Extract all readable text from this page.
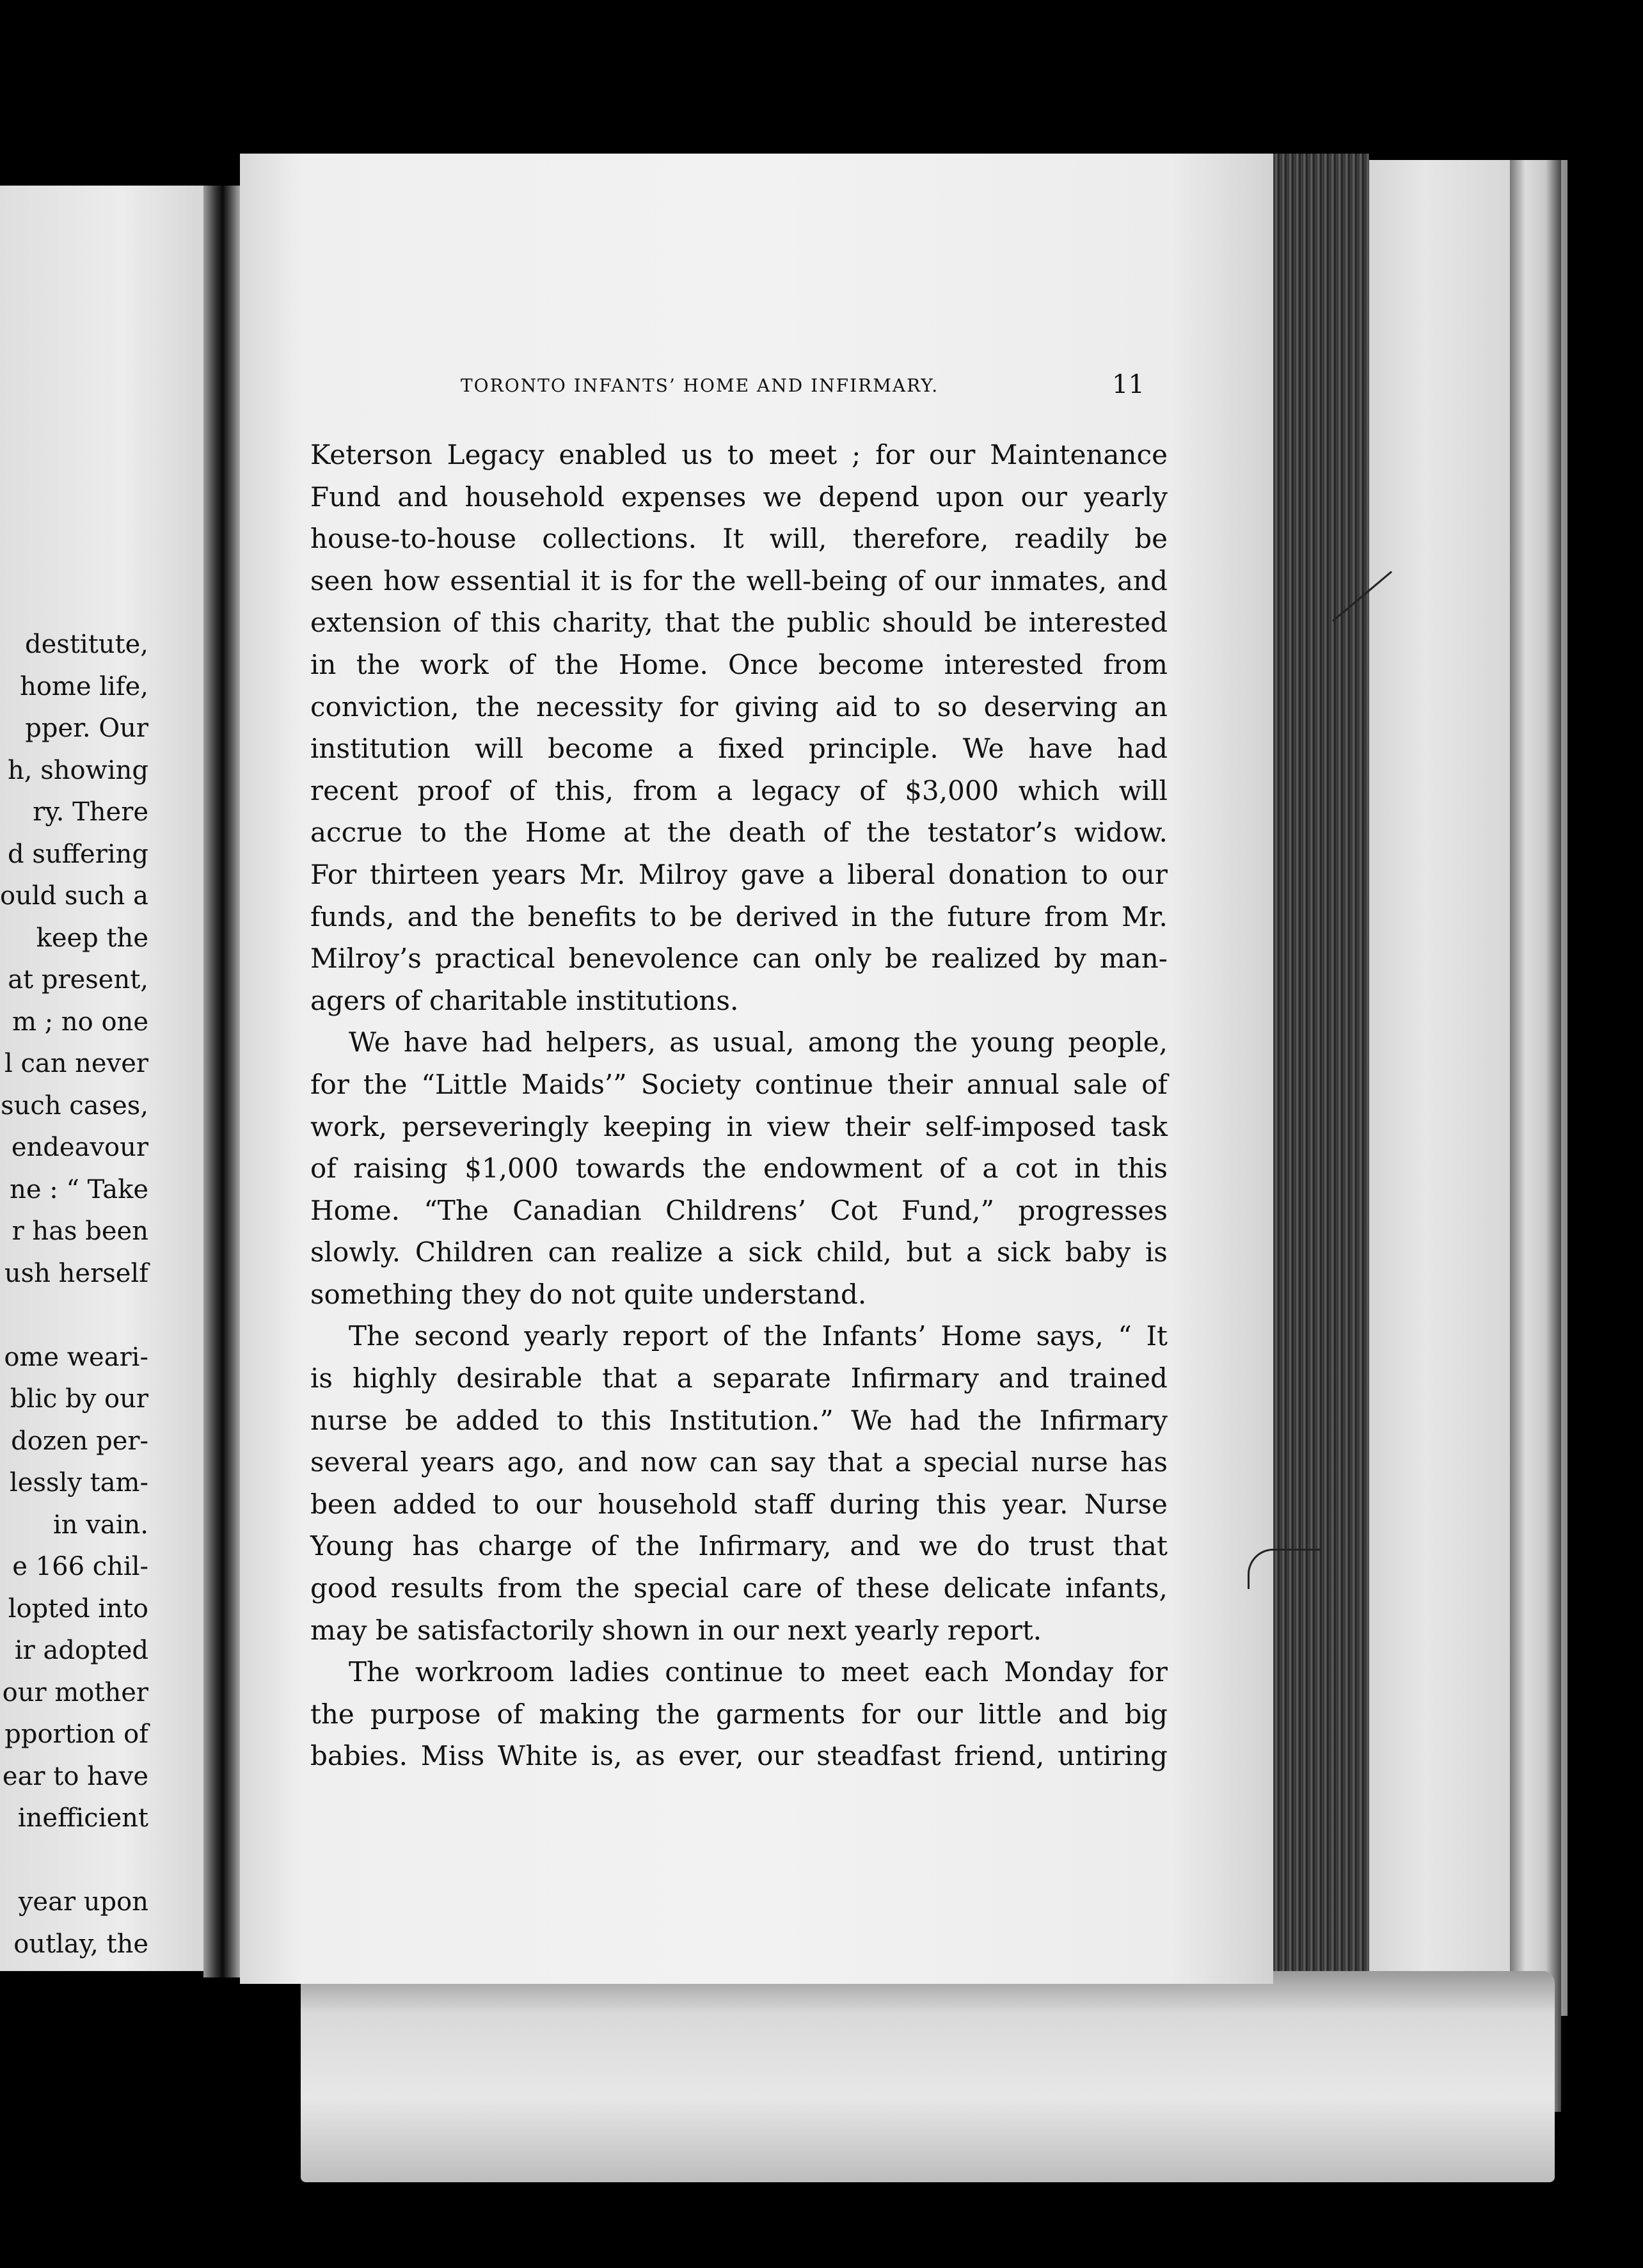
destitute,
home life,
pper. Our
h, showing
ry. There
d suffering
ould such a
keep the
at present,
m ; no one
l can never
such cases,
endeavour
ne : “ Take
r has been
ush herself
ome weari-
blic by our
dozen per-
lessly tam-
in vain.
e 166 chil-
lopted into
ir adopted
our mother
pportion of
ear to have
inefficient
year upon
outlay, the
TORONTO INFANTS’ HOME AND INFIRMARY.	11
Keterson Legacy enabled us to meet ; for our Maintenance
Fund and household expenses we depend upon our yearly
house-to-house collections. It will, therefore, readily be
seen how essential it is for the well-being of our inmates, and
extension of this charity, that the public should be interested
in the work of the Home. Once become interested from
conviction, the necessity for giving aid to so deserving an
institution will become a fixed principle. We have had
recent proof of this, from a legacy of $3,000 which will
accrue to the Home at the death of the testator’s widow.
For thirteen years Mr. Milroy gave a liberal donation to our
funds, and the benefits to be derived in the future from Mr.
Milroy’s practical benevolence can only be realized by man-
agers of charitable institutions.
We have had helpers, as usual, among the young people,
for the “Little Maids’” Society continue their annual sale of
work, perseveringly keeping in view their self-imposed task
of raising $1,000 towards the endowment of a cot in this
Home. “The Canadian Childrens’ Cot Fund,” progresses
slowly. Children can realize a sick child, but a sick baby is
something they do not quite understand.
The second yearly report of the Infants’ Home says, “ It
is highly desirable that a separate Infirmary and trained
nurse be added to this Institution.” We had the Infirmary
several years ago, and now can say that a special nurse has
been added to our household staff during this year. Nurse
Young has charge of the Infirmary, and we do trust that
good results from the special care of these delicate infants,
may be satisfactorily shown in our next yearly report.
The workroom ladies continue to meet each Monday for
the purpose of making the garments for our little and big
babies. Miss White is, as ever, our steadfast friend, untiring
